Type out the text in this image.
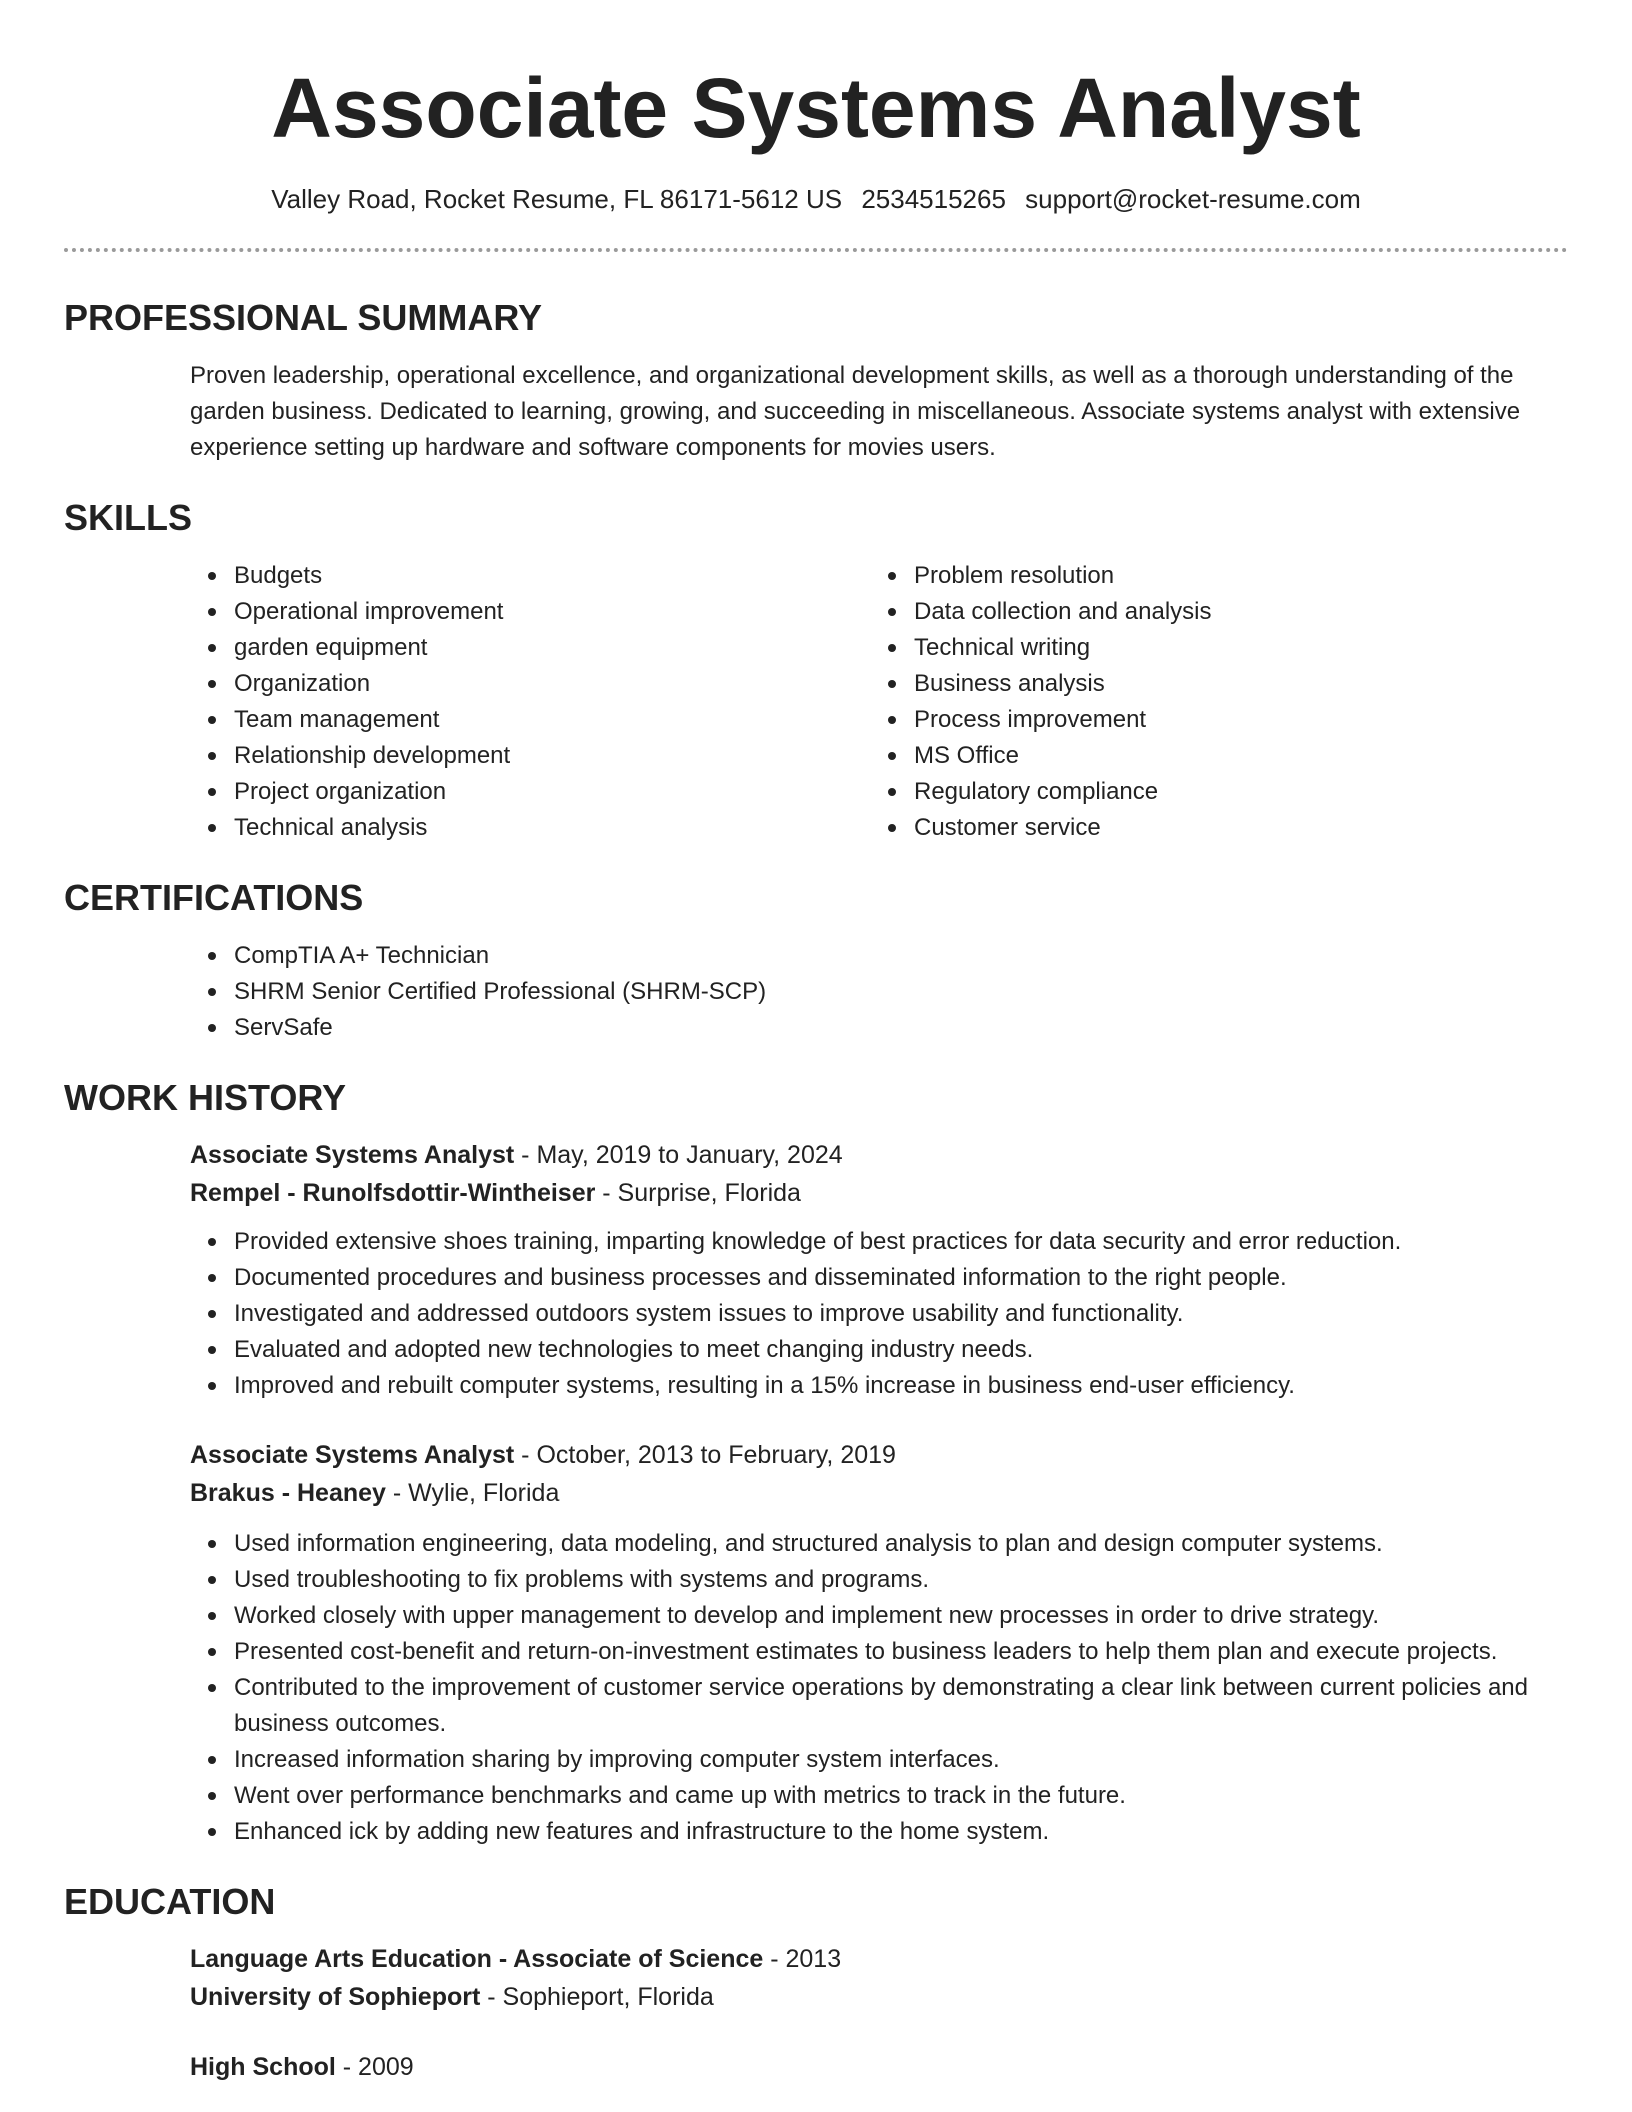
Associate Systems Analyst
Valley Road, Rocket Resume, FL 86171-5612 US 2534515265 support@rocket-resume.com
PROFESSIONAL SUMMARY
Proven leadership, operational excellence, and organizational development skills, as well as a thorough understanding of the garden business. Dedicated to learning, growing, and succeeding in miscellaneous. Associate systems analyst with extensive experience setting up hardware and software components for movies users.
SKILLS
Budgets
Operational improvement
garden equipment
Organization
Team management
Relationship development
Project organization
Technical analysis
Problem resolution
Data collection and analysis
Technical writing
Business analysis
Process improvement
MS Office
Regulatory compliance
Customer service
CERTIFICATIONS
CompTIA A+ Technician
SHRM Senior Certified Professional (SHRM-SCP)
ServSafe
WORK HISTORY
Associate Systems Analyst - May, 2019 to January, 2024
Rempel - Runolfsdottir-Wintheiser - Surprise, Florida
Provided extensive shoes training, imparting knowledge of best practices for data security and error reduction.
Documented procedures and business processes and disseminated information to the right people.
Investigated and addressed outdoors system issues to improve usability and functionality.
Evaluated and adopted new technologies to meet changing industry needs.
Improved and rebuilt computer systems, resulting in a 15% increase in business end-user efficiency.
Associate Systems Analyst - October, 2013 to February, 2019
Brakus - Heaney - Wylie, Florida
Used information engineering, data modeling, and structured analysis to plan and design computer systems.
Used troubleshooting to fix problems with systems and programs.
Worked closely with upper management to develop and implement new processes in order to drive strategy.
Presented cost-benefit and return-on-investment estimates to business leaders to help them plan and execute projects.
Contributed to the improvement of customer service operations by demonstrating a clear link between current policies and business outcomes.
Increased information sharing by improving computer system interfaces.
Went over performance benchmarks and came up with metrics to track in the future.
Enhanced ick by adding new features and infrastructure to the home system.
EDUCATION
Language Arts Education - Associate of Science - 2013
University of Sophieport - Sophieport, Florida
High School - 2009
